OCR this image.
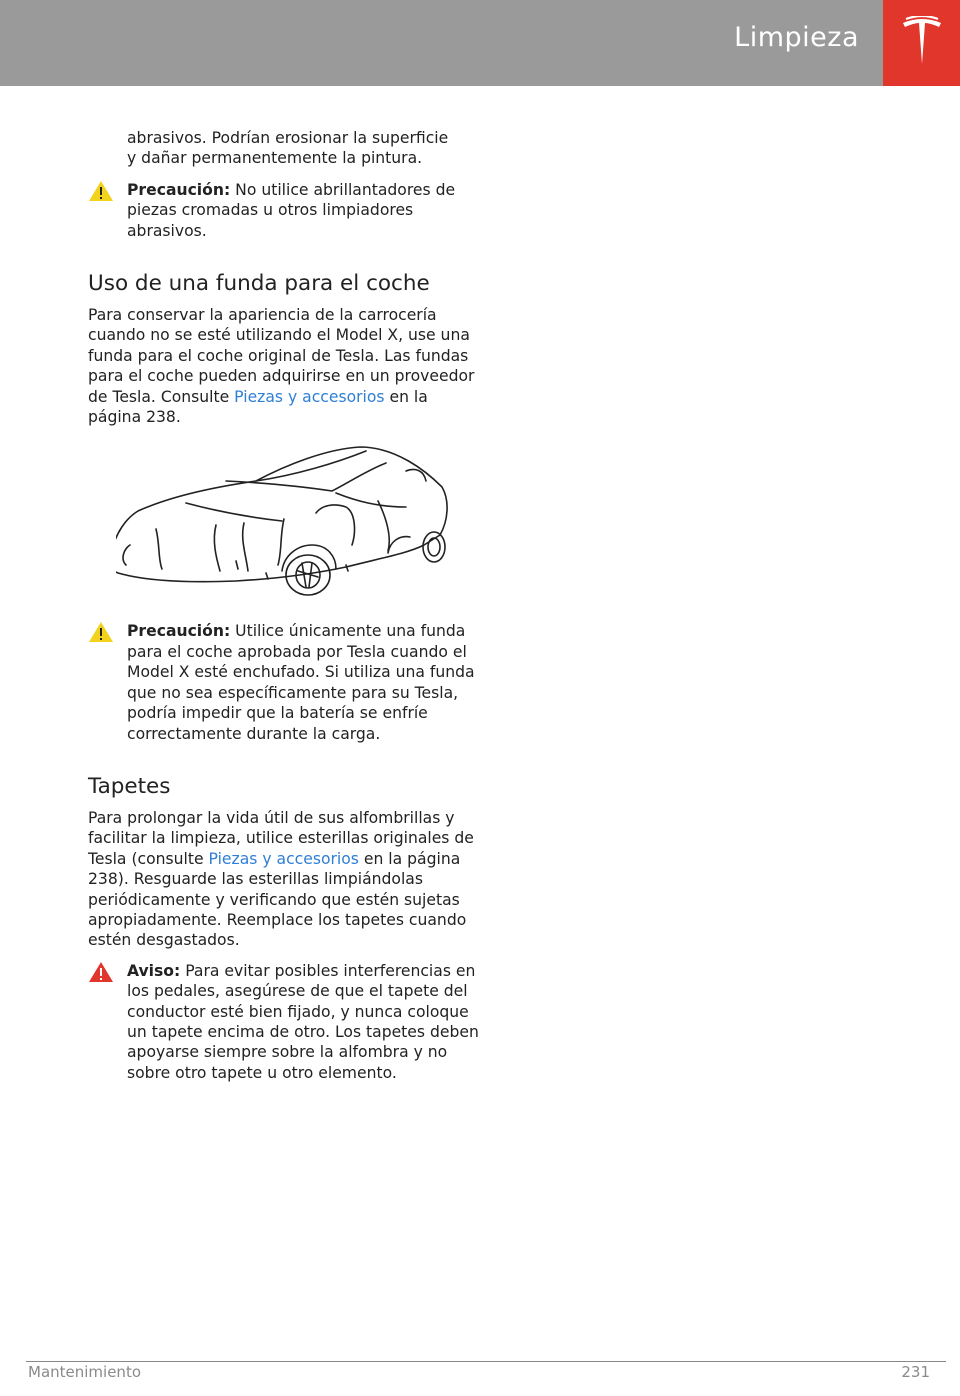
Limpieza

abrasivos. Podrían erosionar la superficie

y dañar permanentemente la pintura.

Precaución: No utilice abrillantadores de piezas cromadas u otros limpiadores abrasivos.

Uso de una funda para el coche

Para conservar la apariencia de la carrocería cuando no se esté utilizando el Model X, use una funda para el coche original de Tesla. Las fundas para el coche pueden adquirirse en un proveedor de Tesla. Consulte Piezas y accesorios en la página 238.

Precaución: Utilice únicamente una funda para el coche aprobada por Tesla cuando el Model X esté enchufado. Si utiliza una funda que no sea específicamente para su Tesla, podría impedir que la batería se enfríe correctamente durante la carga.

Tapetes

Para prolongar la vida útil de sus alfombrillas y facilitar la limpieza, utilice esterillas originales de Tesla (consulte Piezas y accesorios en la página 238). Resguarde las esterillas limpiándolas periódicamente y verificando que estén sujetas apropiadamente. Reemplace los tapetes cuando estén desgastados.

Aviso: Para evitar posibles interferencias en los pedales, asegúrese de que el tapete del conductor esté bien fijado, y nunca coloque un tapete encima de otro. Los tapetes deben apoyarse siempre sobre la alfombra y no sobre otro tapete u otro elemento.

Mantenimiento	231
